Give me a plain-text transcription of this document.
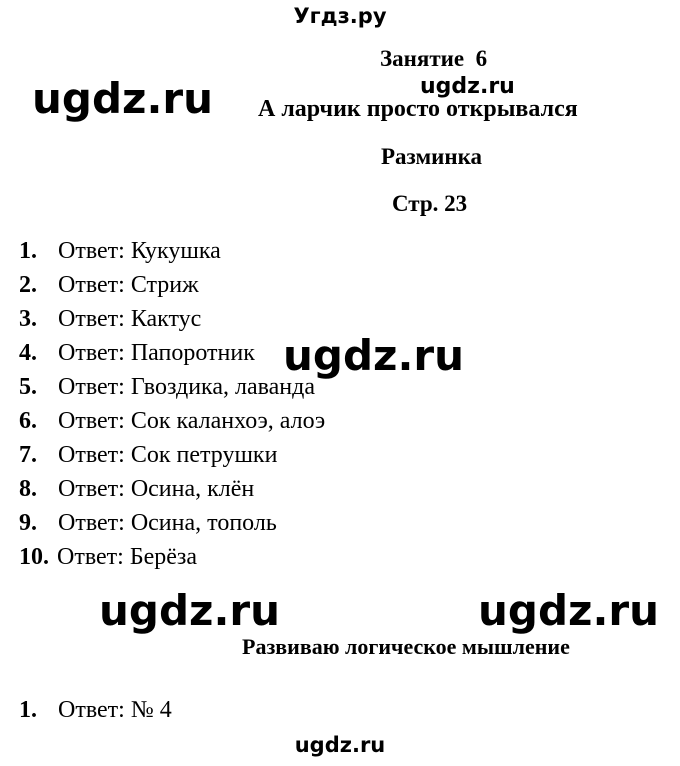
Угдз.ру
ugdz.ru	ugdz.ru
Занятие  6
А ларчик просто открывался
Разминка
Стр. 23
1. Ответ: Кукушка
2. Ответ: Стриж
3. Ответ: Кактус
4. Ответ: Папоротник
5. Ответ: Гвоздика, лаванда
6. Ответ: Сок каланхоэ, алоэ
7. Ответ: Сок петрушки
8. Ответ: Осина, клён
9. Ответ: Осина, тополь
10. Ответ: Берёза
ugdz.ru
ugdz.ru	ugdz.ru
Развиваю логическое мышление
1. Ответ: № 4
ugdz.ru
